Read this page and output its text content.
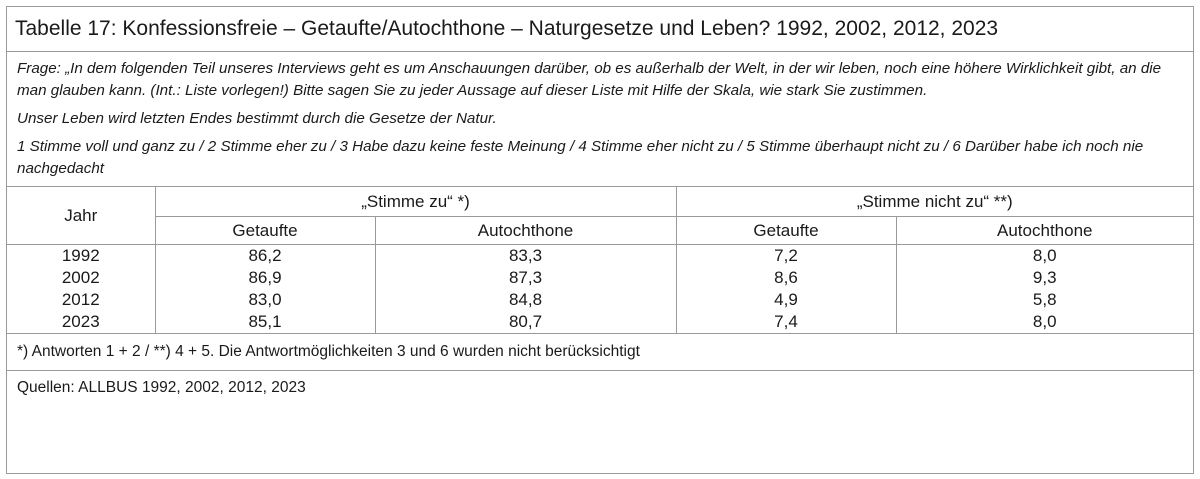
Tabelle 17: Konfessionsfreie – Getaufte/Autochthone – Naturgesetze und Leben? 1992, 2002, 2012, 2023

Frage: „In dem folgenden Teil unseres Interviews geht es um Anschauungen darüber, ob es außerhalb der Welt, in der wir leben, noch eine höhere Wirklichkeit gibt, an die man glauben kann. (Int.: Liste vorlegen!) Bitte sagen Sie zu jeder Aussage auf dieser Liste mit Hilfe der Skala, wie stark Sie zustimmen.

Unser Leben wird letzten Endes bestimmt durch die Gesetze der Natur.

1 Stimme voll und ganz zu / 2 Stimme eher zu / 3 Habe dazu keine feste Meinung / 4 Stimme eher nicht zu / 5 Stimme überhaupt nicht zu / 6 Darüber habe ich noch nie nachgedacht

Jahr	„Stimme zu“ *)		„Stimme nicht zu“ **)	
	Getaufte	Autochthone	Getaufte	Autochthone
1992	86,2	83,3	7,2	8,0
2002	86,9	87,3	8,6	9,3
2012	83,0	84,8	4,9	5,8
2023	85,1	80,7	7,4	8,0
*) Antworten 1 + 2 / **) 4 + 5. Die Antwortmöglichkeiten 3 und 6 wurden nicht berücksichtigt
Quellen: ALLBUS 1992, 2002, 2012, 2023
